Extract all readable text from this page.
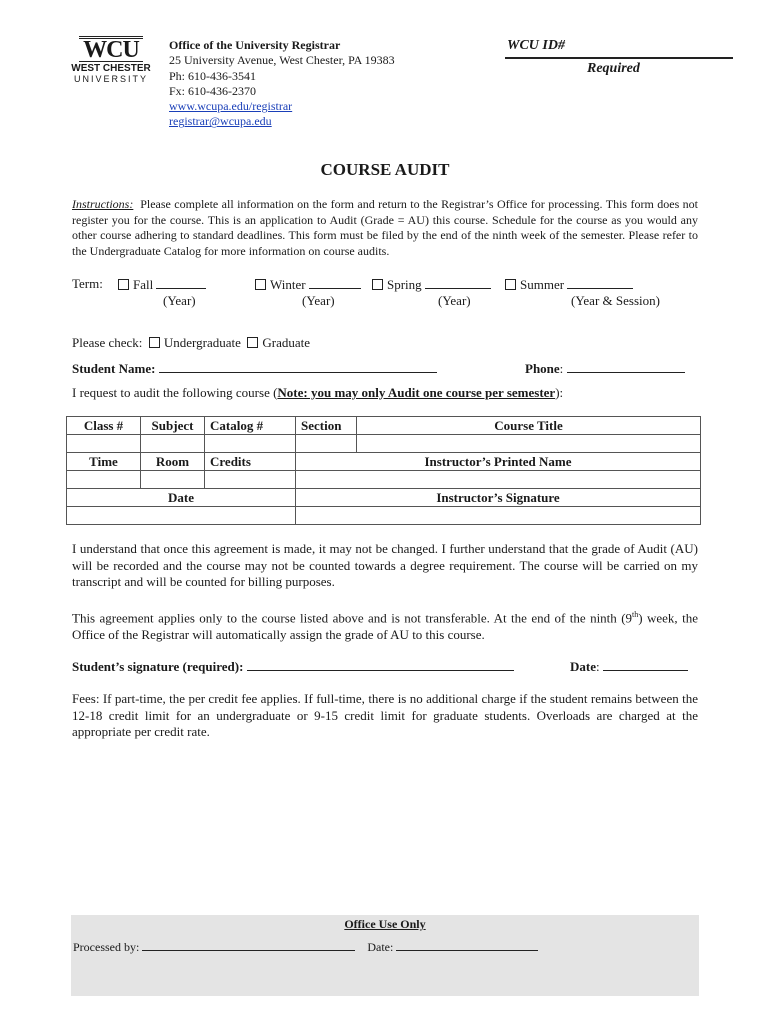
WCU
WEST CHESTER
UNIVERSITY
Office of the University Registrar
25 University Avenue, West Chester, PA 19383
Ph: 610-436-3541
Fx: 610-436-2370
www.wcupa.edu/registrar
registrar@wcupa.edu
WCU ID#
Required
COURSE AUDIT
Instructions: Please complete all information on the form and return to the Registrar’s Office for processing. This form does not register you for the course. This is an application to Audit (Grade = AU) this course. Schedule for the course as you would any other course adhering to standard deadlines. This form must be filed by the end of the ninth week of the semester. Please refer to the Undergraduate Catalog for more information on course audits.
Term:	Fall	Winter	Spring	Summer
(Year)	(Year)	(Year)	(Year & Session)
Please check: Undergraduate Graduate
Student Name:	Phone:
I request to audit the following course (Note: you may only Audit one course per semester):
Class #	Subject	Catalog #	Section	Course Title

Time	Room	Credits	Instructor’s Printed Name	

Date			Instructor’s Signature	

I understand that once this agreement is made, it may not be changed. I further understand that the grade of Audit (AU) will be recorded and the course may not be counted towards a degree requirement. The course will be carried on my transcript and will be counted for billing purposes.
This agreement applies only to the course listed above and is not transferable. At the end of the ninth (9th) week, the Office of the Registrar will automatically assign the grade of AU to this course.
Student’s signature (required):	Date:
Fees: If part-time, the per credit fee applies. If full-time, there is no additional charge if the student remains between the 12-18 credit limit for an undergraduate or 9-15 credit limit for graduate students. Overloads are charged at the appropriate per credit rate.
Office Use Only
Processed by:	Date:
